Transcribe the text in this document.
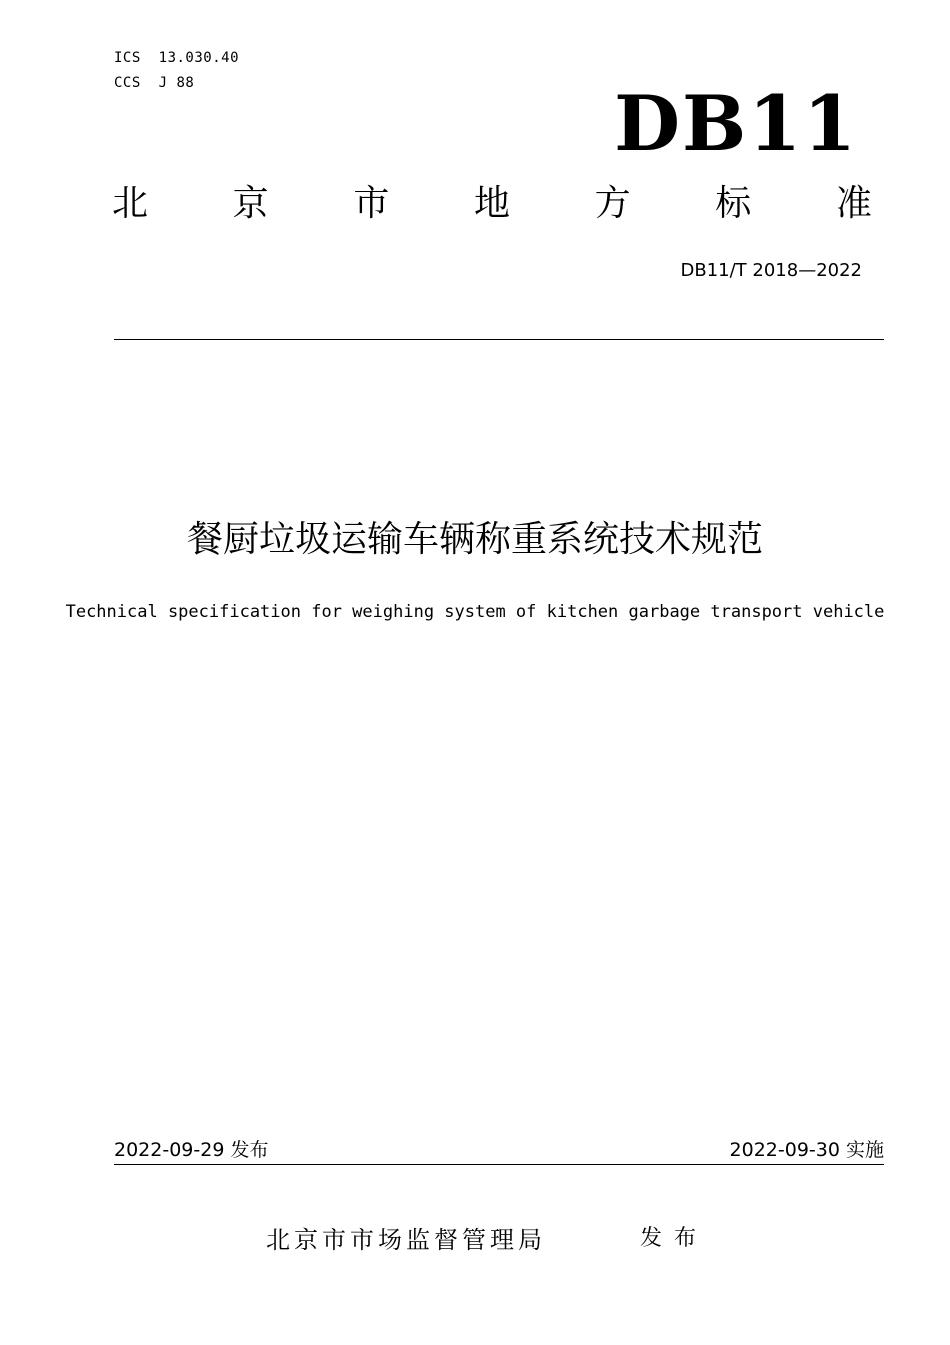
ICS  13.030.40
CCS  J 88	DB11
北 京 市 地 方 标 准
DB11/T 2018—2022
餐厨垃圾运输车辆称重系统技术规范
Technical specification for weighing system of kitchen garbage transport vehicle
2022-09-29 发布	2022-09-30 实施
北京市市场监督管理局	发布
